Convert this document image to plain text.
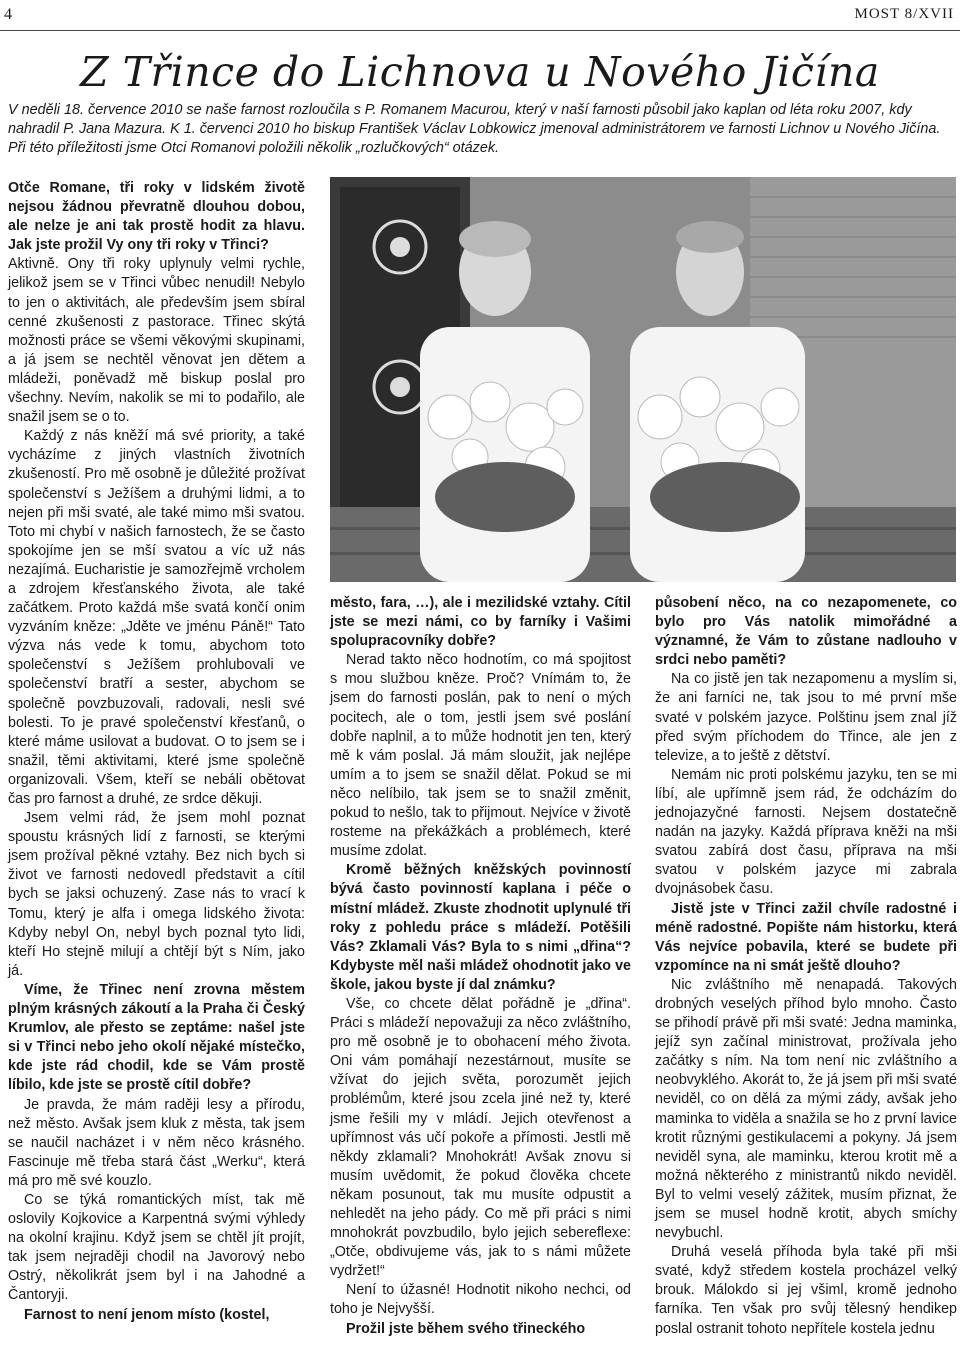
4	MOST 8/XVII
Z Třince do Lichnova u Nového Jičína

V neděli 18. července 2010 se naše farnost rozloučila s P. Romanem Macurou, který v naší farnosti působil jako kaplan od léta roku 2007, kdy nahradil P. Jana Mazura. K 1. červenci 2010 ho biskup František Václav Lobkowicz jmenoval administrátorem ve farnosti Lichnov u Nového Jičína. Při této příležitosti jsme Otci Romanovi položili několik „rozlučkových“ otázek.

Otče Romane, tři roky v lidském životě nejsou žádnou převratně dlouhou dobou, ale nelze je ani tak prostě hodit za hlavu. Jak jste prožil Vy ony tři roky v Třinci?

Aktivně. Ony tři roky uplynuly velmi rychle, jelikož jsem se v Třinci vůbec nenudil! Nebylo to jen o aktivitách, ale především jsem sbíral cenné zkušenosti z pastorace. Třinec skýtá možnosti práce se všemi věkovými skupinami, a já jsem se nechtěl věnovat jen dětem a mládeži, poněvadž mě biskup poslal pro všechny. Nevím, nakolik se mi to podařilo, ale snažil jsem se o to.

Každý z nás kněží má své priority, a také vycházíme z jiných vlastních životních zkušeností. Pro mě osobně je důležité prožívat společenství s Ježíšem a druhými lidmi, a to nejen při mši svaté, ale také mimo mši svatou. Toto mi chybí v našich farnostech, že se často spokojíme jen se mší svatou a víc už nás nezajímá. Eucharistie je samozřejmě vrcholem a zdrojem křesťanského života, ale také začátkem. Proto každá mše svatá končí onim vyzváním kněze: „Jděte ve jménu Páně!“ Tato výzva nás vede k tomu, abychom toto společenství s Ježíšem prohlubovali ve společenství bratří a sester, abychom se společně povzbuzovali, radovali, nesli své bolesti. To je pravé společenství křesťanů, o které máme usilovat a budovat. O to jsem se i snažil, těmi aktivitami, které jsme společně organizovali. Všem, kteří se nebáli obětovat čas pro farnost a druhé, ze srdce děkuji.

Jsem velmi rád, že jsem mohl poznat spoustu krásných lidí z farnosti, se kterými jsem prožíval pěkné vztahy. Bez nich bych si život ve farnosti nedovedl představit a cítil bych se jaksi ochuzený. Zase nás to vrací k Tomu, který je alfa i omega lidského života: Kdyby nebyl On, nebyl bych poznal tyto lidi, kteří Ho stejně milují a chtějí být s Ním, jako já.

Víme, že Třinec není zrovna městem plným krásných zákoutí a la Praha či Český Krumlov, ale přesto se zeptáme: našel jste si v Třinci nebo jeho okolí nějaké místečko, kde jste rád chodil, kde se Vám prostě líbilo, kde jste se prostě cítil dobře?

Je pravda, že mám raději lesy a přírodu, než město. Avšak jsem kluk z města, tak jsem se naučil nacházet i v něm něco krásného. Fascinuje mě třeba stará část „Werku“, která má pro mě své kouzlo.

Co se týká romantických míst, tak mě oslovily Kojkovice a Karpentná svými výhledy na okolní krajinu. Když jsem se chtěl jít projít, tak jsem nejraději chodil na Javorový nebo Ostrý, několikrát jsem byl i na Jahodné a Čantoryji.

Farnost to není jenom místo (kostel,

město, fara, …), ale i mezilidské vztahy. Cítil jste se mezi námi, co by farníky i Vašimi spolupracovníky dobře?

Nerad takto něco hodnotím, co má spojitost s mou službou kněze. Proč? Vnímám to, že jsem do farnosti poslán, pak to není o mých pocitech, ale o tom, jestli jsem své poslání dobře naplnil, a to může hodnotit jen ten, který mě k vám poslal. Já mám sloužit, jak nejlépe umím a to jsem se snažil dělat. Pokud se mi něco nelíbilo, tak jsem se to snažil změnit, pokud to nešlo, tak to přijmout. Nejvíce v životě rosteme na překážkách a problémech, které musíme zdolat.

Kromě běžných kněžských povinností bývá často povinností kaplana i péče o místní mládež. Zkuste zhodnotit uplynulé tři roky z pohledu práce s mládeží. Potěšili Vás? Zklamali Vás? Byla to s nimi „dřina“? Kdybyste měl naši mládež ohodnotit jako ve škole, jakou byste jí dal známku?

Vše, co chcete dělat pořádně je „dřina“. Práci s mládeží nepovažuji za něco zvláštního, pro mě osobně je to obohacení mého života. Oni vám pomáhají nezestárnout, musíte se vžívat do jejich světa, porozumět jejich problémům, které jsou zcela jiné než ty, které jsme řešili my v mládí. Jejich otevřenost a upřímnost vás učí pokoře a přímosti. Jestli mě někdy zklamali? Mnohokrát! Avšak znovu si musím uvědomit, že pokud člověka chcete někam posunout, tak mu musíte odpustit a nehledět na jeho pády. Co mě při práci s nimi mnohokrát povzbudilo, bylo jejich sebereflexe: „Otče, obdivujeme vás, jak to s námi můžete vydržet!“

Není to úžasné! Hodnotit nikoho nechci, od toho je Nejvyšší.

Prožil jste během svého třineckého

působení něco, na co nezapomenete, co bylo pro Vás natolik mimořádné a významné, že Vám to zůstane nadlouho v srdci nebo paměti?

Na co jistě jen tak nezapomenu a myslím si, že ani farníci ne, tak jsou to mé první mše svaté v polském jazyce. Polštinu jsem znal jíž před svým příchodem do Třince, ale jen z televize, a to ještě z dětství.

Nemám nic proti polskému jazyku, ten se mi líbí, ale upřímně jsem rád, že odcházím do jednojazyčné farnosti. Nejsem dostatečně nadán na jazyky. Každá příprava kněži na mši svatou zabírá dost času, příprava na mši svatou v polském jazyce mi zabrala dvojnásobek času.

Jistě jste v Třinci zažil chvíle radostné i méně radostné. Popište nám historku, která Vás nejvíce pobavila, které se budete při vzpomínce na ni smát ještě dlouho?

Nic zvláštního mě nenapadá. Takových drobných veselých příhod bylo mnoho. Často se přihodí právě při mši svaté: Jedna maminka, jejíž syn začínal ministrovat, prožívala jeho začátky s ním. Na tom není nic zvláštního a neobvyklého. Akorát to, že já jsem při mši svaté neviděl, co on dělá za mými zády, avšak jeho maminka to viděla a snažila se ho z první lavice krotit různými gestikulacemi a pokyny. Já jsem neviděl syna, ale maminku, kterou krotit mě a možná některého z ministrantů nikdo neviděl. Byl to velmi veselý zážitek, musím přiznat, že jsem se musel hodně krotit, abych smíchy nevybuchl.

Druhá veselá příhoda byla také při mši svaté, když středem kostela procházel velký brouk. Málokdo si jej všiml, kromě jednoho farníka. Ten však pro svůj tělesný hendikep poslal ostranit tohoto nepřítele kostela jednu
